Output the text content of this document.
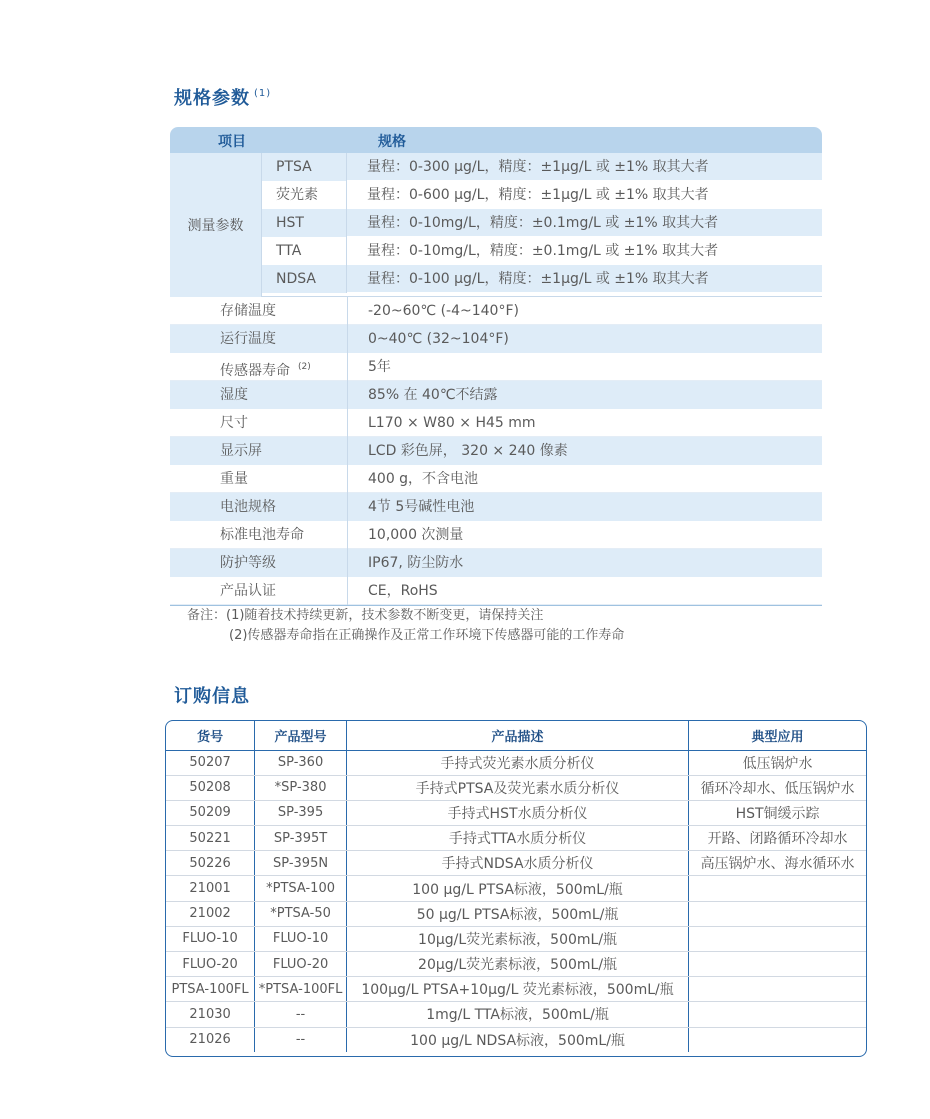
规格参数 $^{(1)}$
项目	规格
测量参数
PTSA	量程：0-300 μg/L，精度：±1μg/L 或 ±1% 取其大者
荧光素	量程：0-600 μg/L，精度：±1μg/L 或 ±1% 取其大者
HST	量程：0-10mg/L，精度：±0.1mg/L 或 ±1% 取其大者
TTA	量程：0-10mg/L，精度：±0.1mg/L 或 ±1% 取其大者
NDSA	量程：0-100 μg/L，精度：±1μg/L 或 ±1% 取其大者
存储温度	-20~60℃ (-4~140°F)
运行温度	0~40℃ (32~104°F)
传感器寿命 $^{(2)}$	5年
湿度	85% 在 40℃不结露
尺寸	L170 × W80 × H45 mm
显示屏	LCD 彩色屏， 320 × 240 像素
重量	400 g，不含电池
电池规格	4节 5号碱性电池
标准电池寿命	10,000 次测量
防护等级	IP67, 防尘防水
产品认证	CE，RoHS
备注：(1)随着技术持续更新，技术参数不断变更，请保持关注
(2)传感器寿命指在正确操作及正常工作环境下传感器可能的工作寿命
订购信息
货号	产品型号	产品描述	典型应用
50207	SP-360	手持式荧光素水质分析仪	低压锅炉水
50208	*SP-380	手持式PTSA及荧光素水质分析仪	循环冷却水、低压锅炉水
50209	SP-395	手持式HST水质分析仪	HST铜缓示踪
50221	SP-395T	手持式TTA水质分析仪	开路、闭路循环冷却水
50226	SP-395N	手持式NDSA水质分析仪	高压锅炉水、海水循环水
21001	*PTSA-100	100 μg/L PTSA标液，500mL/瓶	
21002	*PTSA-50	50 μg/L PTSA标液，500mL/瓶	
FLUO-10	FLUO-10	10μg/L荧光素标液，500mL/瓶	
FLUO-20	FLUO-20	20μg/L荧光素标液，500mL/瓶	
PTSA-100FL	*PTSA-100FL	100μg/L PTSA+10μg/L 荧光素标液，500mL/瓶	
21030	--	1mg/L TTA标液，500mL/瓶	
21026	--	100 μg/L NDSA标液，500mL/瓶	
